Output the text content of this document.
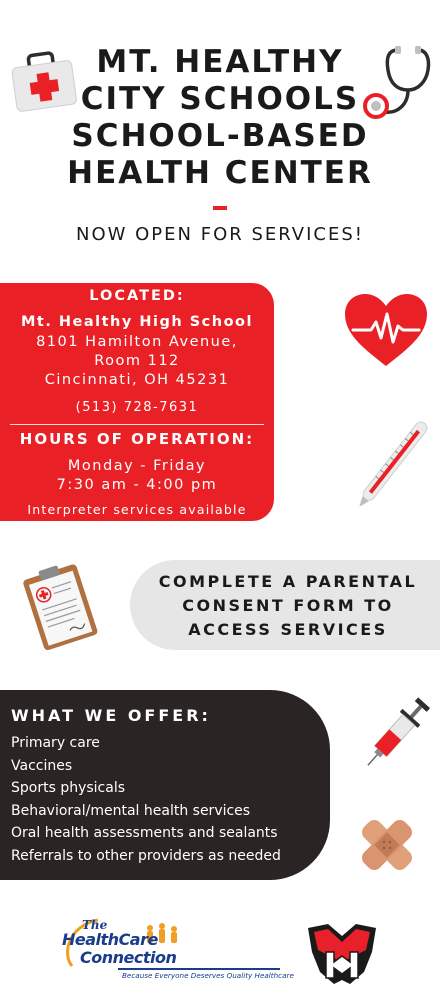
MT. HEALTHY
CITY SCHOOLS
SCHOOL-BASED
HEALTH CENTER
NOW OPEN FOR SERVICES!
LOCATED:
Mt. Healthy High School
8101 Hamilton Avenue,
Room 112
Cincinnati, OH 45231
(513) 728-7631
HOURS OF OPERATION:
Monday - Friday
7:30 am - 4:00 pm
Interpreter services available
COMPLETE A PARENTAL
CONSENT FORM TO
ACCESS SERVICES
WHAT WE OFFER:
Primary care
Vaccines
Sports physicals
Behavioral/mental health services
Oral health assessments and sealants
Referrals to other providers as needed
The
HealthCare
Connection
Because Everyone Deserves Quality Healthcare
